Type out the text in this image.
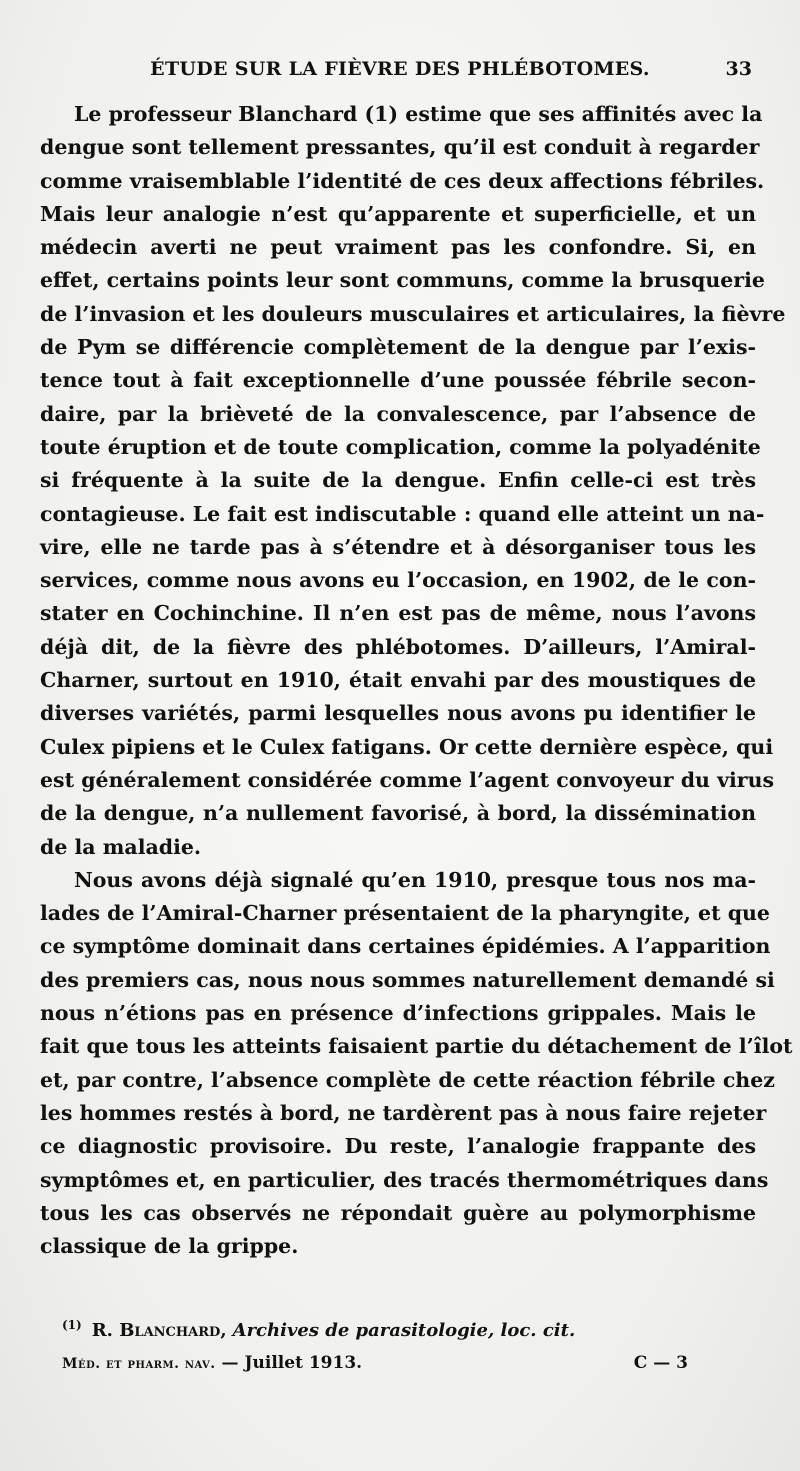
ÉTUDE SUR LA FIÈVRE DES PHLÉBOTOMES.	33
Le professeur Blanchard (1) estime que ses affinités avec la
dengue sont tellement pressantes, qu’il est conduit à regarder
comme vraisemblable l’identité de ces deux affections fébriles.
Mais leur analogie n’est qu’apparente et superficielle, et un
médecin averti ne peut vraiment pas les confondre. Si, en
effet, certains points leur sont communs, comme la brusquerie
de l’invasion et les douleurs musculaires et articulaires, la fièvre
de Pym se différencie complètement de la dengue par l’exis-
tence tout à fait exceptionnelle d’une poussée fébrile secon-
daire, par la brièveté de la convalescence, par l’absence de
toute éruption et de toute complication, comme la polyadénite
si fréquente à la suite de la dengue. Enfin celle-ci est très
contagieuse. Le fait est indiscutable : quand elle atteint un na-
vire, elle ne tarde pas à s’étendre et à désorganiser tous les
services, comme nous avons eu l’occasion, en 1902, de le con-
stater en Cochinchine. Il n’en est pas de même, nous l’avons
déjà dit, de la fièvre des phlébotomes. D’ailleurs, l’Amiral-
Charner, surtout en 1910, était envahi par des moustiques de
diverses variétés, parmi lesquelles nous avons pu identifier le
Culex pipiens et le Culex fatigans. Or cette dernière espèce, qui
est généralement considérée comme l’agent convoyeur du virus
de la dengue, n’a nullement favorisé, à bord, la dissémination
de la maladie.
Nous avons déjà signalé qu’en 1910, presque tous nos ma-
lades de l’Amiral-Charner présentaient de la pharyngite, et que
ce symptôme dominait dans certaines épidémies. A l’apparition
des premiers cas, nous nous sommes naturellement demandé si
nous n’étions pas en présence d’infections grippales. Mais le
fait que tous les atteints faisaient partie du détachement de l’îlot
et, par contre, l’absence complète de cette réaction fébrile chez
les hommes restés à bord, ne tardèrent pas à nous faire rejeter
ce diagnostic provisoire. Du reste, l’analogie frappante des
symptômes et, en particulier, des tracés thermométriques dans
tous les cas observés ne répondait guère au polymorphisme
classique de la grippe.
$^{(1)}$ R. Blanchard, Archives de parasitologie, loc. cit.
Méd. et pharm. nav. — Juillet 1913.	C — 3
